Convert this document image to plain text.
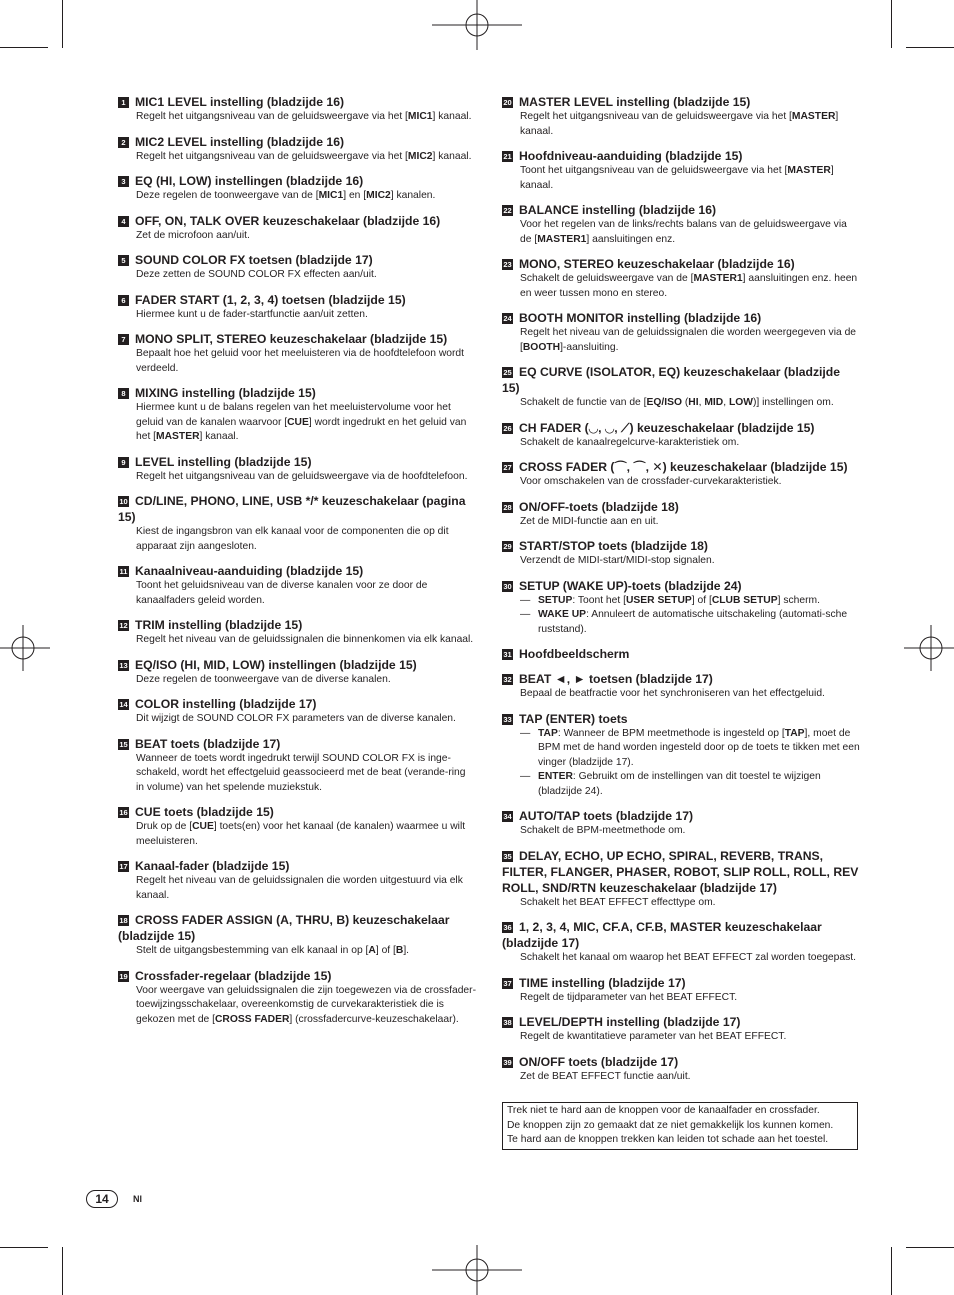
1 MIC1 LEVEL instelling (bladzijde 16)
Regelt het uitgangsniveau van de geluidsweergave via het [MIC1] kanaal.
2 MIC2 LEVEL instelling (bladzijde 16)
Regelt het uitgangsniveau van de geluidsweergave via het [MIC2] kanaal.
3 EQ (HI, LOW) instellingen (bladzijde 16)
Deze regelen de toonweergave van de [MIC1] en [MIC2] kanalen.
4 OFF, ON, TALK OVER keuzeschakelaar (bladzijde 16)
Zet de microfoon aan/uit.
5 SOUND COLOR FX toetsen (bladzijde 17)
Deze zetten de SOUND COLOR FX effecten aan/uit.
6 FADER START (1, 2, 3, 4) toetsen (bladzijde 15)
Hiermee kunt u de fader-startfunctie aan/uit zetten.
7 MONO SPLIT, STEREO keuzeschakelaar (bladzijde 15)
Bepaalt hoe het geluid voor het meeluisteren via de hoofdtelefoon wordt verdeeld.
8 MIXING instelling (bladzijde 15)
Hiermee kunt u de balans regelen van het meeluistervolume voor het geluid van de kanalen waarvoor [CUE] wordt ingedrukt en het geluid van het [MASTER] kanaal.
9 LEVEL instelling (bladzijde 15)
Regelt het uitgangsniveau van de geluidsweergave via de hoofdtelefoon.
10 CD/LINE, PHONO, LINE, USB */* keuzeschakelaar (pagina 15)
Kiest de ingangsbron van elk kanaal voor de componenten die op dit apparaat zijn aangesloten.
11 Kanaalniveau-aanduiding (bladzijde 15)
Toont het geluidsniveau van de diverse kanalen voor ze door de kanaalfaders geleid worden.
12 TRIM instelling (bladzijde 15)
Regelt het niveau van de geluidssignalen die binnenkomen via elk kanaal.
13 EQ/ISO (HI, MID, LOW) instellingen (bladzijde 15)
Deze regelen de toonweergave van de diverse kanalen.
14 COLOR instelling (bladzijde 17)
Dit wijzigt de SOUND COLOR FX parameters van de diverse kanalen.
15 BEAT toets (bladzijde 17)
Wanneer de toets wordt ingedrukt terwijl SOUND COLOR FX is inge-schakeld, wordt het effectgeluid geassocieerd met de beat (verande-ring in volume) van het spelende muziekstuk.
16 CUE toets (bladzijde 15)
Druk op de [CUE] toets(en) voor het kanaal (de kanalen) waarmee u wilt meeluisteren.
17 Kanaal-fader (bladzijde 15)
Regelt het niveau van de geluidssignalen die worden uitgestuurd via elk kanaal.
18 CROSS FADER ASSIGN (A, THRU, B) keuzeschakelaar (bladzijde 15)
Stelt de uitgangsbestemming van elk kanaal in op [A] of [B].
19 Crossfader-regelaar (bladzijde 15)
Voor weergave van geluidssignalen die zijn toegewezen via de crossfader-toewijzingsschakelaar, overeenkomstig de curvekarakteristiek die is gekozen met de [CROSS FADER] (crossfadercurve-keuzeschakelaar).
20 MASTER LEVEL instelling (bladzijde 15)
Regelt het uitgangsniveau van de geluidsweergave via het [MASTER] kanaal.
21 Hoofdniveau-aanduiding (bladzijde 15)
Toont het uitgangsniveau van de geluidsweergave via het [MASTER] kanaal.
22 BALANCE instelling (bladzijde 16)
Voor het regelen van de links/rechts balans van de geluidsweergave via de [MASTER1] aansluitingen enz.
23 MONO, STEREO keuzeschakelaar (bladzijde 16)
Schakelt de geluidsweergave van de [MASTER1] aansluitingen enz. heen en weer tussen mono en stereo.
24 BOOTH MONITOR instelling (bladzijde 16)
Regelt het niveau van de geluidssignalen die worden weergegeven via de [BOOTH]-aansluiting.
25 EQ CURVE (ISOLATOR, EQ) keuzeschakelaar (bladzijde 15)
Schakelt de functie van de [EQ/ISO (HI, MID, LOW)] instellingen om.
26 CH FADER (◡, ◡, ⟋) keuzeschakelaar (bladzijde 15)
Schakelt de kanaalregelcurve-karakteristiek om.
27 CROSS FADER (⌒, ⌒, ✕) keuzeschakelaar (bladzijde 15)
Voor omschakelen van de crossfader-curvekarakteristiek.
28 ON/OFF-toets (bladzijde 18)
Zet de MIDI-functie aan en uit.
29 START/STOP toets (bladzijde 18)
Verzendt de MIDI-start/MIDI-stop signalen.
30 SETUP (WAKE UP)-toets (bladzijde 24)
— SETUP: Toont het [USER SETUP] of [CLUB SETUP] scherm.
— WAKE UP: Annuleert de automatische uitschakeling (automati-sche ruststand).
31 Hoofdbeeldscherm
32 BEAT ◄, ► toetsen (bladzijde 17)
Bepaal de beatfractie voor het synchroniseren van het effectgeluid.
33 TAP (ENTER) toets
— TAP: Wanneer de BPM meetmethode is ingesteld op [TAP], moet de BPM met de hand worden ingesteld door op de toets te tikken met een vinger (bladzijde 17).
— ENTER: Gebruikt om de instellingen van dit toestel te wijzigen (bladzijde 24).
34 AUTO/TAP toets (bladzijde 17)
Schakelt de BPM-meetmethode om.
35 DELAY, ECHO, UP ECHO, SPIRAL, REVERB, TRANS, FILTER, FLANGER, PHASER, ROBOT, SLIP ROLL, ROLL, REV ROLL, SND/RTN keuzeschakelaar (bladzijde 17)
Schakelt het BEAT EFFECT effecttype om.
36 1, 2, 3, 4, MIC, CF.A, CF.B, MASTER keuzeschakelaar (bladzijde 17)
Schakelt het kanaal om waarop het BEAT EFFECT zal worden toegepast.
37 TIME instelling (bladzijde 17)
Regelt de tijdparameter van het BEAT EFFECT.
38 LEVEL/DEPTH instelling (bladzijde 17)
Regelt de kwantitatieve parameter van het BEAT EFFECT.
39 ON/OFF toets (bladzijde 17)
Zet de BEAT EFFECT functie aan/uit.
Trek niet te hard aan de knoppen voor de kanaalfader en crossfader.
De knoppen zijn zo gemaakt dat ze niet gemakkelijk los kunnen komen.
Te hard aan de knoppen trekken kan leiden tot schade aan het toestel.
14	Nl
